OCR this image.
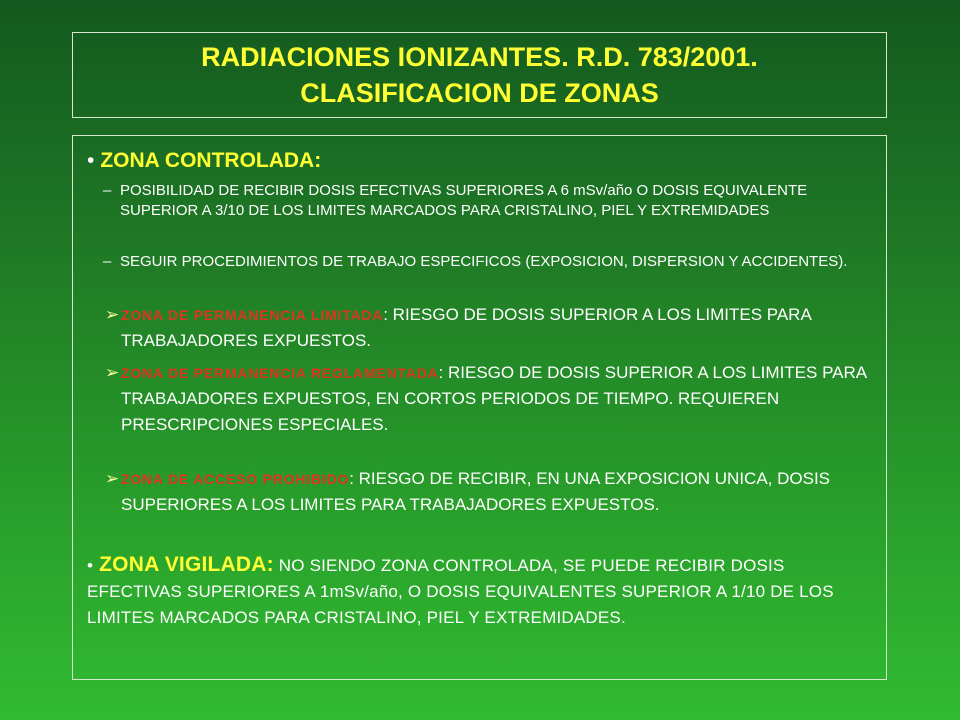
RADIACIONES IONIZANTES. R.D. 783/2001.
CLASIFICACION DE ZONAS
• ZONA CONTROLADA:
– POSIBILIDAD DE RECIBIR DOSIS EFECTIVAS SUPERIORES A 6 mSv/año O DOSIS EQUIVALENTE SUPERIOR A 3/10 DE LOS LIMITES MARCADOS PARA CRISTALINO, PIEL Y EXTREMIDADES
– SEGUIR PROCEDIMIENTOS DE TRABAJO ESPECIFICOS (EXPOSICION, DISPERSION Y ACCIDENTES).
➢ ZONA DE PERMANENCIA LIMITADA: RIESGO DE DOSIS SUPERIOR A LOS LIMITES PARA TRABAJADORES EXPUESTOS.
➢ ZONA DE PERMANENCIA REGLAMENTADA: RIESGO DE DOSIS SUPERIOR A LOS LIMITES PARA TRABAJADORES EXPUESTOS, EN CORTOS PERIODOS DE TIEMPO. REQUIEREN PRESCRIPCIONES ESPECIALES.
➢ ZONA DE ACCESO PROHIBIDO: RIESGO DE RECIBIR, EN UNA EXPOSICION UNICA, DOSIS SUPERIORES A LOS LIMITES PARA TRABAJADORES EXPUESTOS.
• ZONA VIGILADA: NO SIENDO ZONA CONTROLADA, SE PUEDE RECIBIR DOSIS EFECTIVAS SUPERIORES A 1mSv/año, O DOSIS EQUIVALENTES SUPERIOR A 1/10 DE LOS LIMITES MARCADOS PARA CRISTALINO, PIEL Y EXTREMIDADES.
